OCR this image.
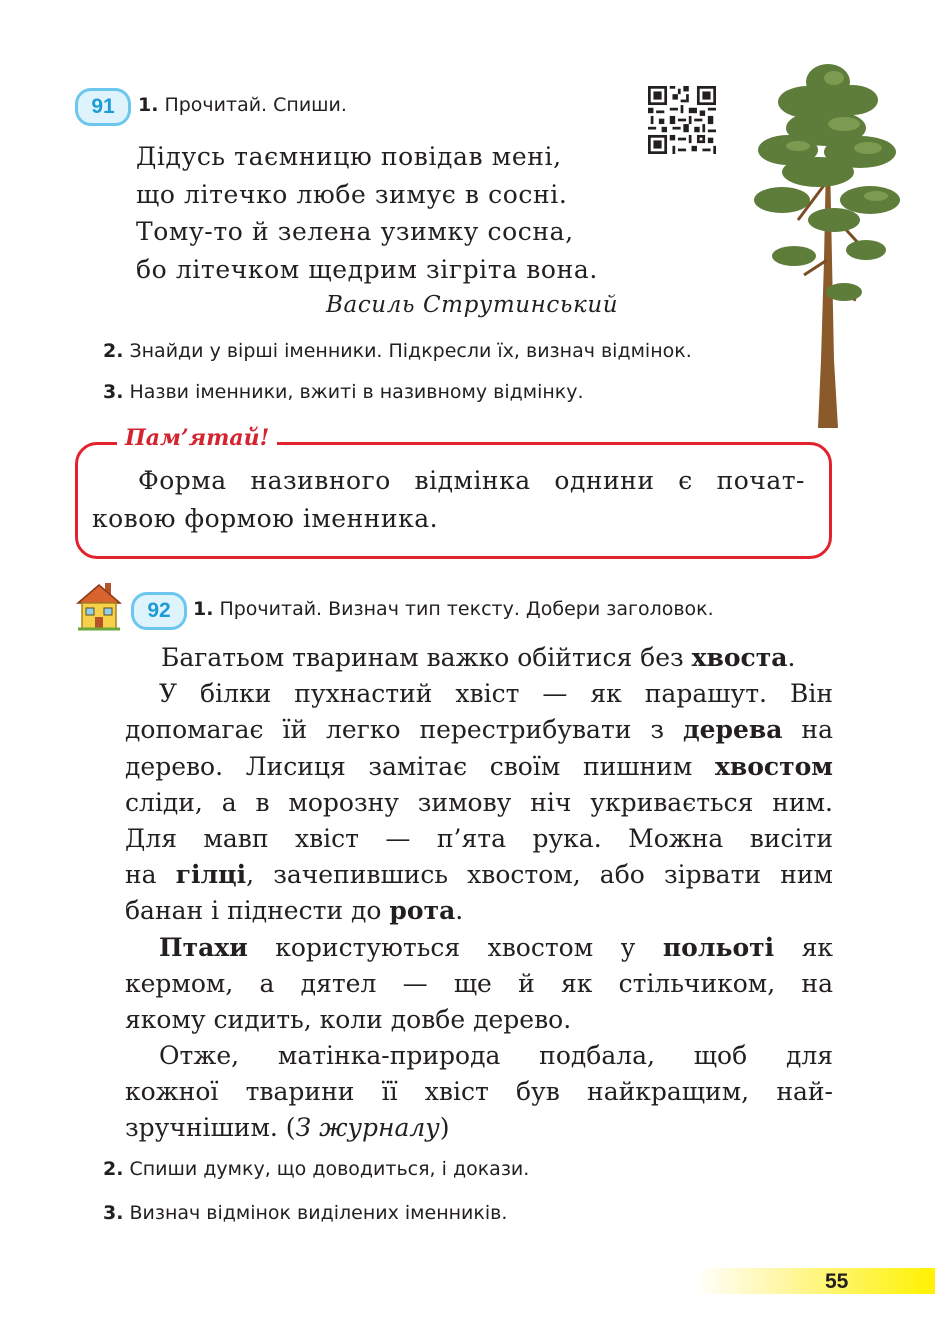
91	1. Прочитай. Спиши.
Дідусь таємницю повідав мені,
що літечко любе зимує в сосні.
Тому-то й зелена узимку сосна,
бо літечком щедрим зігріта вона.
Василь Струтинський
2. Знайди у вірші іменники. Підкресли їх, визнач відмінок.
3. Назви іменники, вжиті в називному відмінку.
Пам’ятай!
Форма називного відмінка однини є почат-
ковою формою іменника.
92	1. Прочитай. Визнач тип тексту. Добери заголовок.
Багатьом тваринам важко обійтися без хвоста.
У білки пухнастий хвіст — як парашут. Він
допомагає їй легко перестрибувати з дерева на
дерево. Лисиця замітає своїм пишним хвостом
сліди, а в морозну зимову ніч укривається ним.
Для мавп хвіст — п’ята рука. Можна висіти
на гілці, зачепившись хвостом, або зірвати ним
банан і піднести до рота.
Птахи користуються хвостом у польоті як
кермом, а дятел — ще й як стільчиком, на
якому сидить, коли довбе дерево.
Отже, матінка-природа подбала, щоб для
кожної тварини її хвіст був найкращим, най-
зручнішим. (З журналу)
2. Спиши думку, що доводиться, і докази.
3. Визнач відмінок виділених іменників.
55
